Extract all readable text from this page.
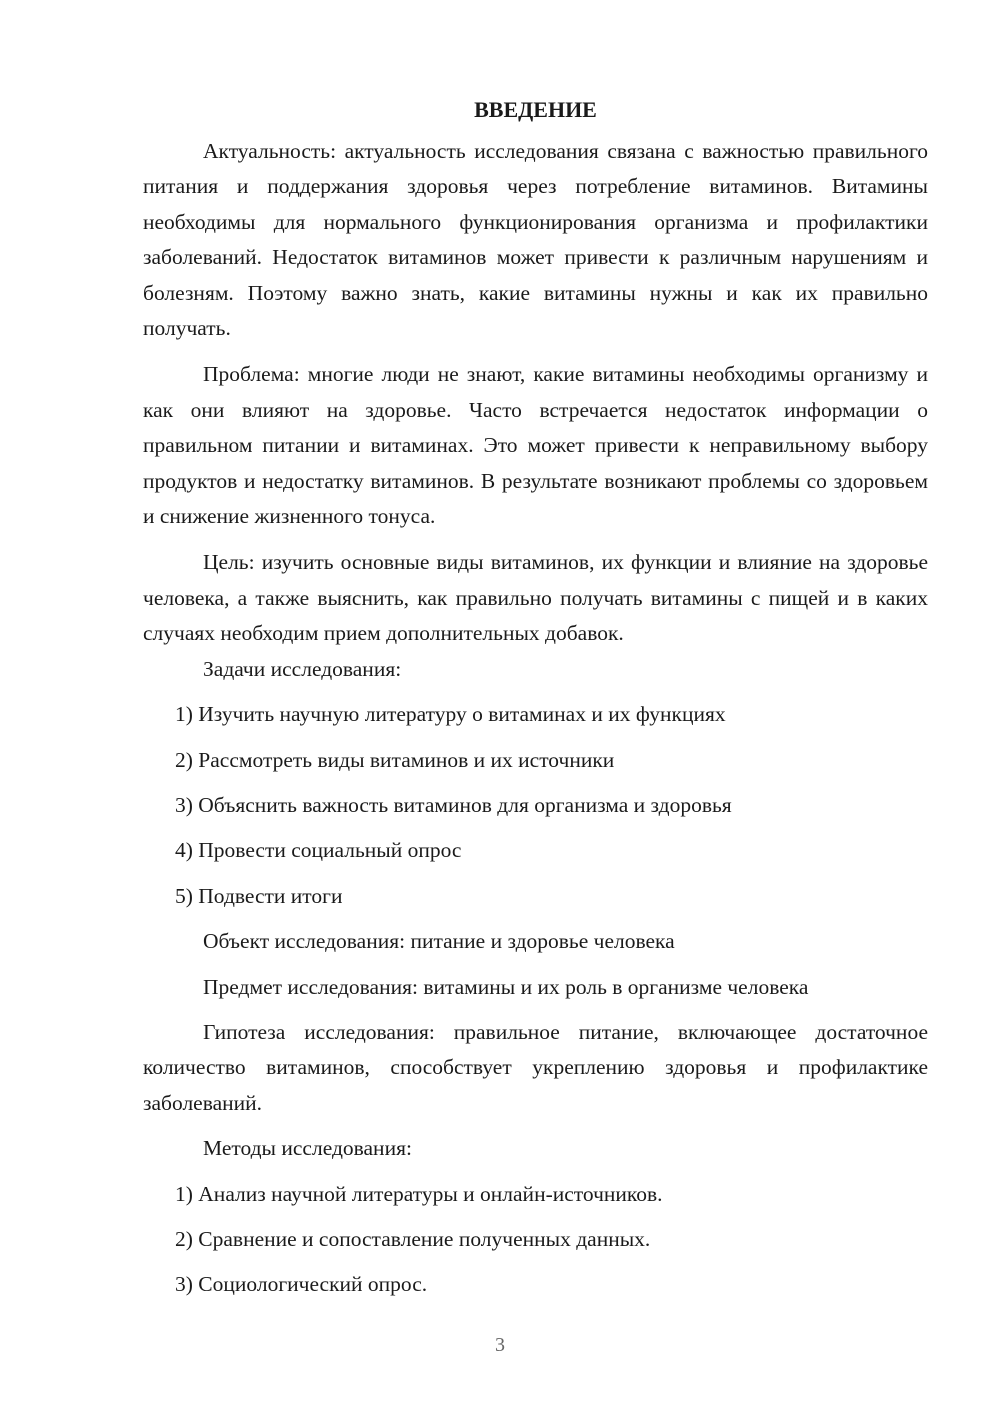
ВВЕДЕНИЕ

Актуальность: актуальность исследования связана с важностью правильного питания и поддержания здоровья через потребление витаминов. Витамины необходимы для нормального функционирования организма и профилактики заболеваний. Недостаток витаминов может привести к различным нарушениям и болезням. Поэтому важно знать, какие витамины нужны и как их правильно получать.

Проблема: многие люди не знают, какие витамины необходимы организму и как они влияют на здоровье. Часто встречается недостаток информации о правильном питании и витаминах. Это может привести к неправильному выбору продуктов и недостатку витаминов. В результате возникают проблемы со здоровьем и снижение жизненного тонуса.

Цель: изучить основные виды витаминов, их функции и влияние на здоровье человека, а также выяснить, как правильно получать витамины с пищей и в каких случаях необходим прием дополнительных добавок.

Задачи исследования:

1) Изучить научную литературу о витаминах и их функциях

2) Рассмотреть виды витаминов и их источники

3) Объяснить важность витаминов для организма и здоровья

4) Провести социальный опрос

5) Подвести итоги

Объект исследования: питание и здоровье человека

Предмет исследования: витамины и их роль в организме человека

Гипотеза исследования: правильное питание, включающее достаточное количество витаминов, способствует укреплению здоровья и профилактике заболеваний.

Методы исследования:

1) Анализ научной литературы и онлайн-источников.

2) Сравнение и сопоставление полученных данных.

3) Социологический опрос.

3
